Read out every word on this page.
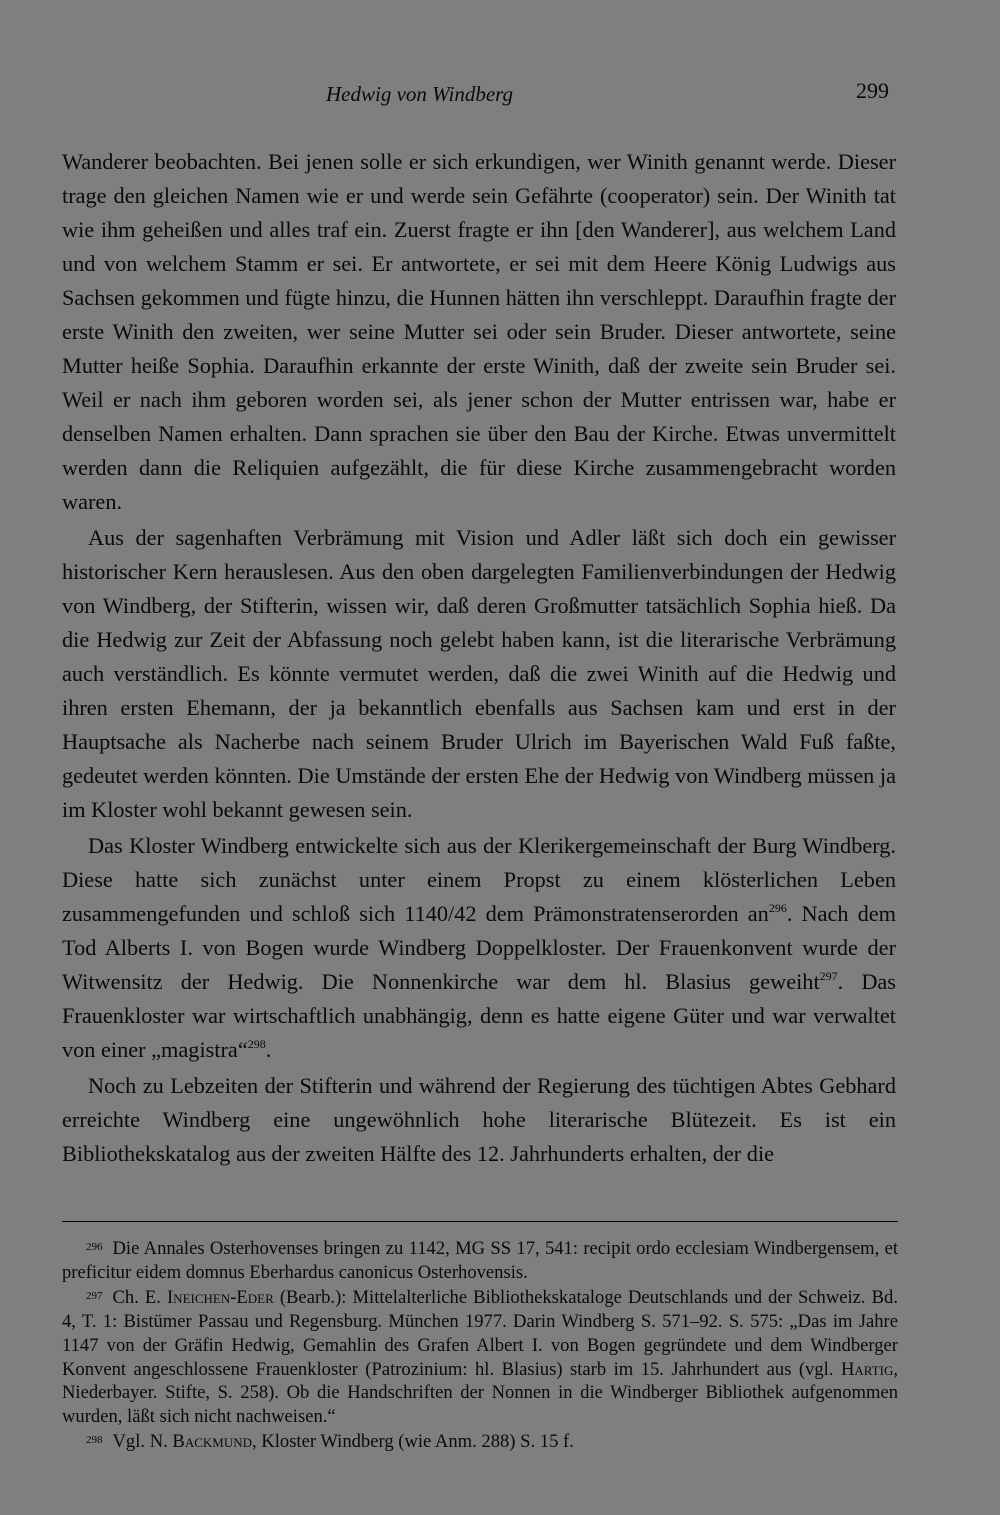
Hedwig von Windberg	299

Wanderer beobachten. Bei jenen solle er sich erkundigen, wer Winith genannt werde. Dieser trage den gleichen Namen wie er und werde sein Gefährte (cooperator) sein. Der Winith tat wie ihm geheißen und alles traf ein. Zuerst fragte er ihn [den Wanderer], aus welchem Land und von welchem Stamm er sei. Er antwortete, er sei mit dem Heere König Ludwigs aus Sachsen gekommen und fügte hinzu, die Hunnen hätten ihn verschleppt. Daraufhin fragte der erste Winith den zweiten, wer seine Mutter sei oder sein Bruder. Dieser antwortete, seine Mutter heiße Sophia. Daraufhin erkannte der erste Winith, daß der zweite sein Bruder sei. Weil er nach ihm geboren worden sei, als jener schon der Mutter entrissen war, habe er denselben Namen erhalten. Dann sprachen sie über den Bau der Kirche. Etwas unvermittelt werden dann die Reliquien aufgezählt, die für diese Kirche zusammengebracht worden waren.

Aus der sagenhaften Verbrämung mit Vision und Adler läßt sich doch ein gewisser historischer Kern herauslesen. Aus den oben dargelegten Familienverbindungen der Hedwig von Windberg, der Stifterin, wissen wir, daß deren Großmutter tatsächlich Sophia hieß. Da die Hedwig zur Zeit der Abfassung noch gelebt haben kann, ist die literarische Verbrämung auch verständlich. Es könnte vermutet werden, daß die zwei Winith auf die Hedwig und ihren ersten Ehemann, der ja bekanntlich ebenfalls aus Sachsen kam und erst in der Hauptsache als Nacherbe nach seinem Bruder Ulrich im Bayerischen Wald Fuß faßte, gedeutet werden könnten. Die Umstände der ersten Ehe der Hedwig von Windberg müssen ja im Kloster wohl bekannt gewesen sein.

Das Kloster Windberg entwickelte sich aus der Klerikergemeinschaft der Burg Windberg. Diese hatte sich zunächst unter einem Propst zu einem klösterlichen Leben zusammengefunden und schloß sich 1140/42 dem Prämonstratenserorden $an^{296}$. Nach dem Tod Alberts I. von Bogen wurde Windberg Doppelkloster. Der Frauenkonvent wurde der Witwensitz der Hedwig. Die Nonnenkirche war dem hl. Blasius geweiht$^{297}$. Das Frauenkloster war wirtschaftlich unabhängig, denn es hatte eigene Güter und war verwaltet von einer „magistra“$^{298}$.

Noch zu Lebzeiten der Stifterin und während der Regierung des tüchtigen Abtes Gebhard erreichte Windberg eine ungewöhnlich hohe literarische Blütezeit. Es ist ein Bibliothekskatalog aus der zweiten Hälfte des 12. Jahrhunderts erhalten, der die

$^{296}$ Die Annales Osterhovenses bringen zu 1142, MG SS 17, 541: recipit ordo ecclesiam Windbergensem, et preficitur eidem domnus Eberhardus canonicus Osterhovensis.

$^{297}$ Ch. E. Ineichen-Eder (Bearb.): Mittelalterliche Bibliothekskataloge Deutschlands und der Schweiz. Bd. 4, T. 1: Bistümer Passau und Regensburg. München 1977. Darin Windberg S. 571–92. S. 575: „Das im Jahre 1147 von der Gräfin Hedwig, Gemahlin des Grafen Albert I. von Bogen gegründete und dem Windberger Konvent angeschlossene Frauenkloster (Patrozinium: hl. Blasius) starb im 15. Jahrhundert aus (vgl. Hartig, Niederbayer. Stifte, S. 258). Ob die Handschriften der Nonnen in die Windberger Bibliothek aufgenommen wurden, läßt sich nicht nachweisen.“

$^{298}$ Vgl. N. Backmund, Kloster Windberg (wie Anm. 288) S. 15 f.
